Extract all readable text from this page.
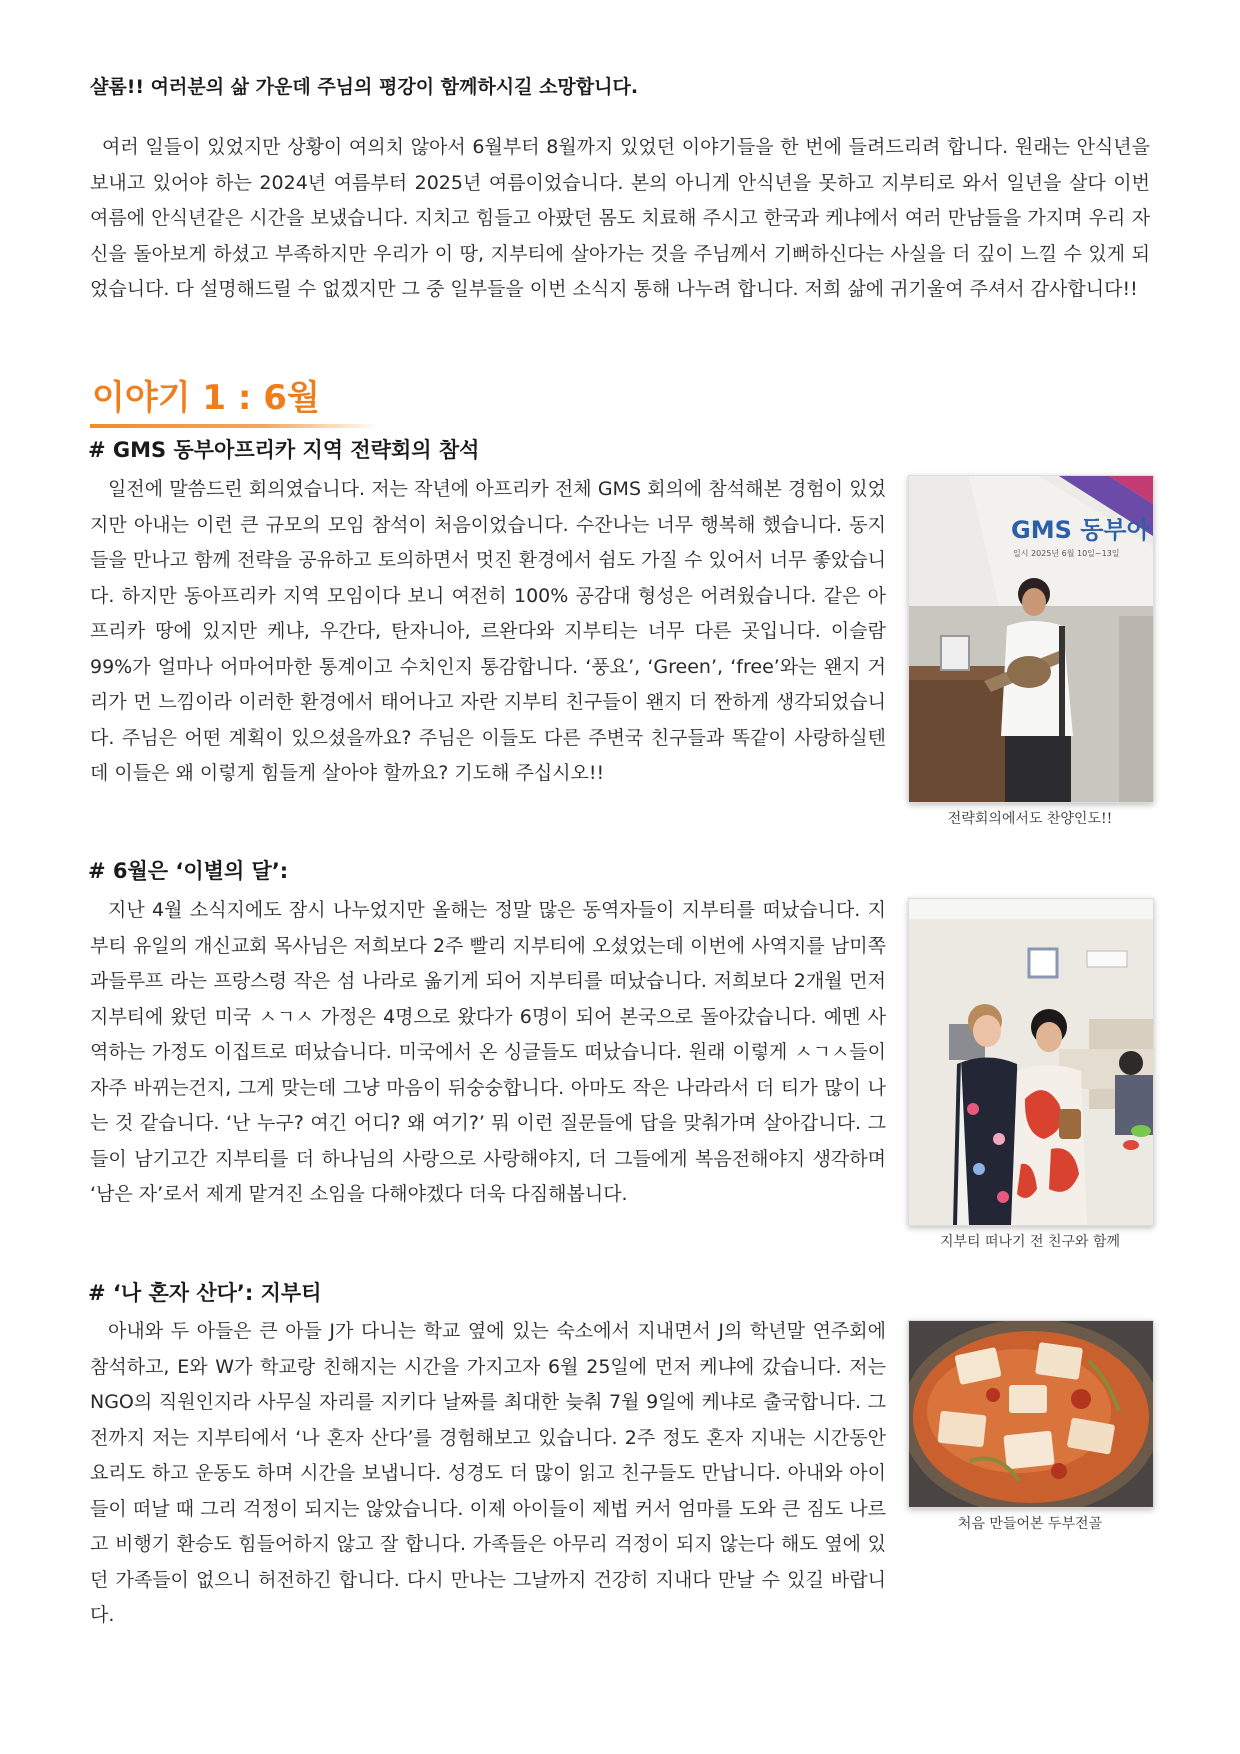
샬롬!! 여러분의 삶 가운데 주님의 평강이 함께하시길 소망합니다.

여러 일들이 있었지만 상황이 여의치 않아서 6월부터 8월까지 있었던 이야기들을 한 번에 들려드리려 합니다. 원래는 안식년을 보내고 있어야 하는 2024년 여름부터 2025년 여름이었습니다. 본의 아니게 안식년을 못하고 지부티로 와서 일년을 살다 이번 여름에 안식년같은 시간을 보냈습니다. 지치고 힘들고 아팠던 몸도 치료해 주시고 한국과 케냐에서 여러 만남들을 가지며 우리 자신을 돌아보게 하셨고 부족하지만 우리가 이 땅, 지부티에 살아가는 것을 주님께서 기뻐하신다는 사실을 더 깊이 느낄 수 있게 되었습니다. 다 설명해드릴 수 없겠지만 그 중 일부들을 이번 소식지 통해 나누려 합니다. 저희 삶에 귀기울여 주셔서 감사합니다!!

이야기 1 : 6월
# GMS 동부아프리카 지역 전략회의 참석

일전에 말씀드린 회의였습니다. 저는 작년에 아프리카 전체 GMS 회의에 참석해본 경험이 있었지만 아내는 이런 큰 규모의 모임 참석이 처음이었습니다. 수잔나는 너무 행복해 했습니다. 동지들을 만나고 함께 전략을 공유하고 토의하면서 멋진 환경에서 쉼도 가질 수 있어서 너무 좋았습니다. 하지만 동아프리카 지역 모임이다 보니 여전히 100% 공감대 형성은 어려웠습니다. 같은 아프리카 땅에 있지만 케냐, 우간다, 탄자니아, 르완다와 지부티는 너무 다른 곳입니다. 이슬람 99%가 얼마나 어마어마한 통계이고 수치인지 통감합니다. ‘풍요’, ‘Green’, ‘free’와는 왠지 거리가 먼 느낌이라 이러한 환경에서 태어나고 자란 지부티 친구들이 왠지 더 짠하게 생각되었습니다. 주님은 어떤 계획이 있으셨을까요? 주님은 이들도 다른 주변국 친구들과 똑같이 사랑하실텐데 이들은 왜 이렇게 힘들게 살아야 할까요? 기도해 주십시오!!

GMS 동부아
일시 2025년 6월 10일~13일
전략회의에서도 찬양인도!!
# 6월은 ‘이별의 달’:

지난 4월 소식지에도 잠시 나누었지만 올해는 정말 많은 동역자들이 지부티를 떠났습니다. 지부티 유일의 개신교회 목사님은 저희보다 2주 빨리 지부티에 오셨었는데 이번에 사역지를 남미쪽 과들루프 라는 프랑스령 작은 섬 나라로 옮기게 되어 지부티를 떠났습니다. 저희보다 2개월 먼저 지부티에 왔던 미국 ㅅㄱㅅ 가정은 4명으로 왔다가 6명이 되어 본국으로 돌아갔습니다. 예멘 사역하는 가정도 이집트로 떠났습니다. 미국에서 온 싱글들도 떠났습니다. 원래 이렇게 ㅅㄱㅅ들이 자주 바뀌는건지, 그게 맞는데 그냥 마음이 뒤숭숭합니다. 아마도 작은 나라라서 더 티가 많이 나는 것 같습니다. ‘난 누구? 여긴 어디? 왜 여기?’ 뭐 이런 질문들에 답을 맞춰가며 살아갑니다. 그들이 남기고간 지부티를 더 하나님의 사랑으로 사랑해야지, 더 그들에게 복음전해야지 생각하며 ‘남은 자’로서 제게 맡겨진 소임을 다해야겠다 더욱 다짐해봅니다.

지부티 떠나기 전 친구와 함께
# ‘나 혼자 산다’: 지부티

아내와 두 아들은 큰 아들 J가 다니는 학교 옆에 있는 숙소에서 지내면서 J의 학년말 연주회에 참석하고, E와 W가 학교랑 친해지는 시간을 가지고자 6월 25일에 먼저 케냐에 갔습니다. 저는 NGO의 직원인지라 사무실 자리를 지키다 날짜를 최대한 늦춰 7월 9일에 케냐로 출국합니다. 그 전까지 저는 지부티에서 ‘나 혼자 산다’를 경험해보고 있습니다. 2주 정도 혼자 지내는 시간동안 요리도 하고 운동도 하며 시간을 보냅니다. 성경도 더 많이 읽고 친구들도 만납니다. 아내와 아이들이 떠날 때 그리 걱정이 되지는 않았습니다. 이제 아이들이 제법 커서 엄마를 도와 큰 짐도 나르고 비행기 환승도 힘들어하지 않고 잘 합니다. 가족들은 아무리 걱정이 되지 않는다 해도 옆에 있던 가족들이 없으니 허전하긴 합니다. 다시 만나는 그날까지 건강히 지내다 만날 수 있길 바랍니다.

처음 만들어본 두부전골
